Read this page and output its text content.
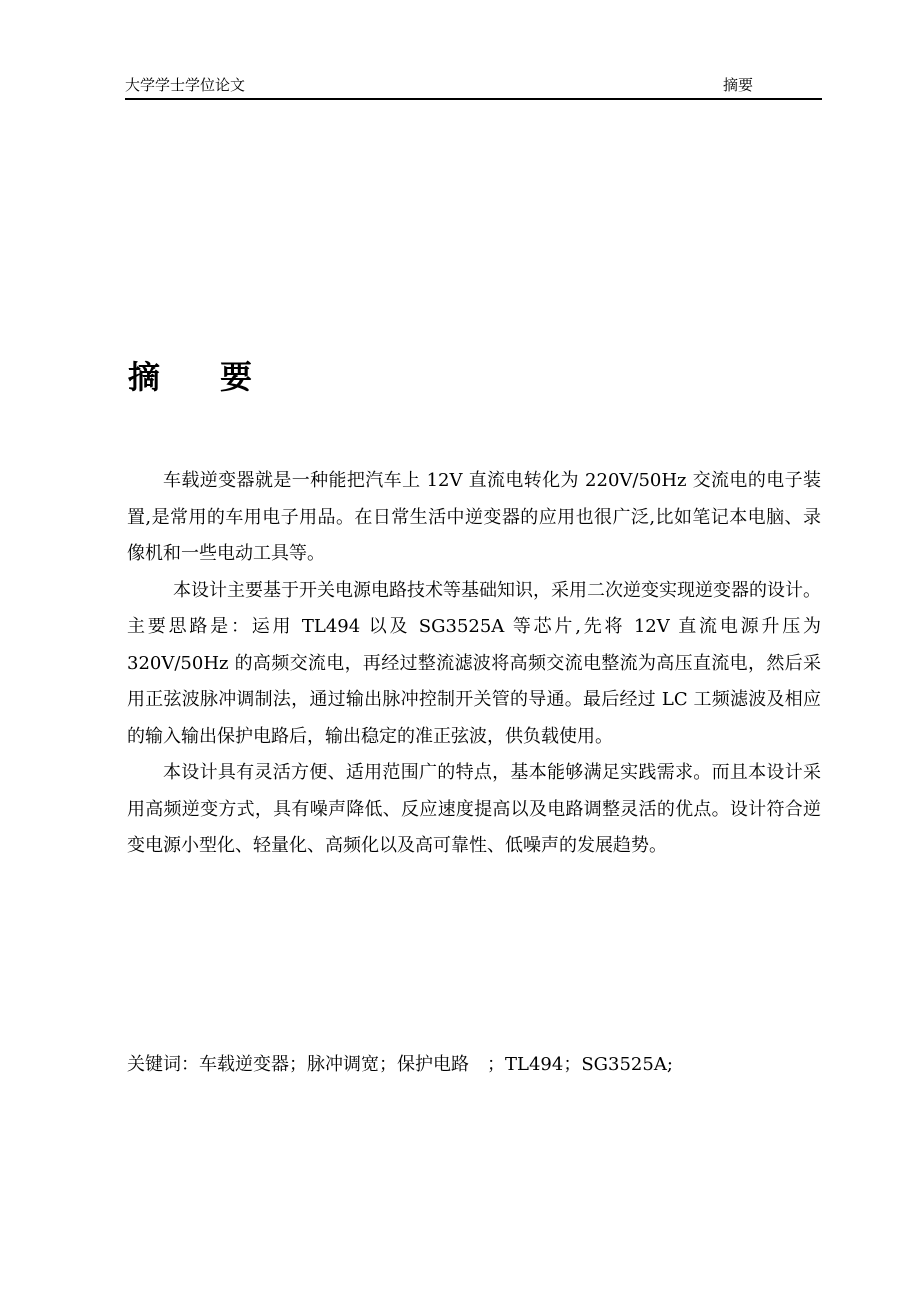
大学学士学位论文	摘要
摘 要

车载逆变器就是一种能把汽车上 12V 直流电转化为 220V/50Hz 交流电的电子装置,是常用的车用电子用品。在日常生活中逆变器的应用也很广泛,比如笔记本电脑、录像机和一些电动工具等。

本设计主要基于开关电源电路技术等基础知识，采用二次逆变实现逆变器的设计。主要思路是：运用 TL494 以及 SG3525A 等芯片,先将 12V 直流电源升压为 320V/50Hz 的高频交流电，再经过整流滤波将高频交流电整流为高压直流电，然后采用正弦波脉冲调制法，通过输出脉冲控制开关管的导通。最后经过 LC 工频滤波及相应的输入输出保护电路后，输出稳定的准正弦波，供负载使用。

本设计具有灵活方便、适用范围广的特点，基本能够满足实践需求。而且本设计采用高频逆变方式，具有噪声降低、反应速度提高以及电路调整灵活的优点。设计符合逆变电源小型化、轻量化、高频化以及高可靠性、低噪声的发展趋势。

关键词：车载逆变器；脉冲调宽；保护电路　；TL494；SG3525A;
